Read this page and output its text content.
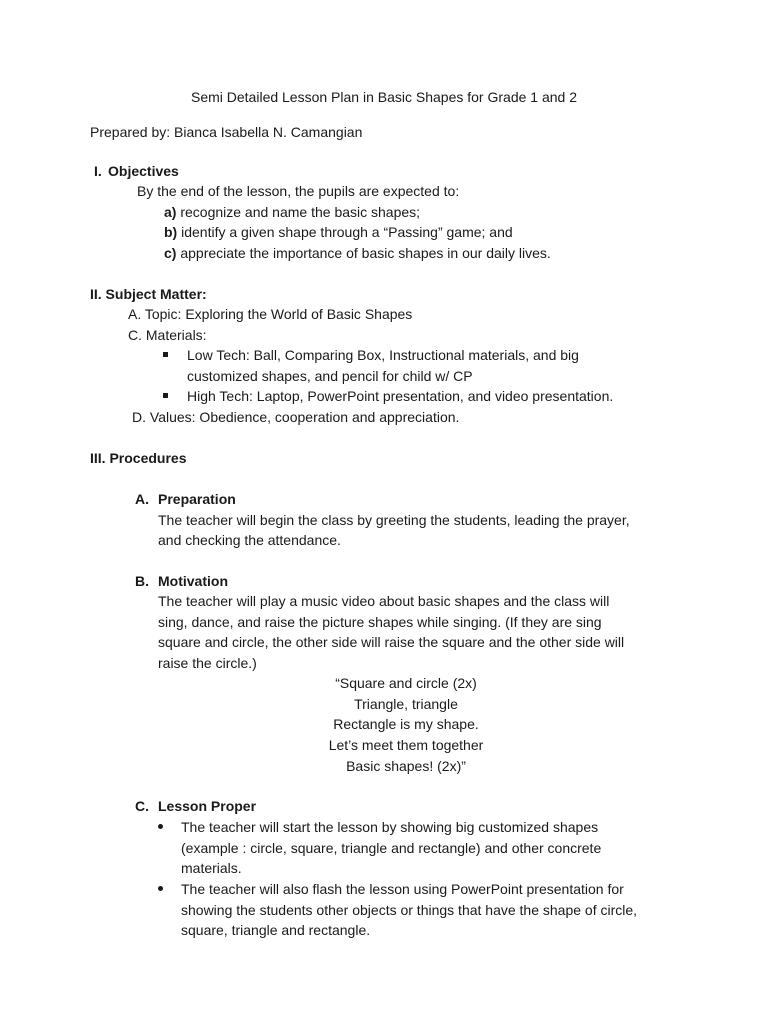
Semi Detailed Lesson Plan in Basic Shapes for Grade 1 and 2
Prepared by: Bianca Isabella N. Camangian
I. Objectives
By the end of the lesson, the pupils are expected to:
a) recognize and name the basic shapes;
b) identify a given shape through a “Passing” game; and
c) appreciate the importance of basic shapes in our daily lives.
II. Subject Matter:
A. Topic: Exploring the World of Basic Shapes
C. Materials:
Low Tech: Ball, Comparing Box, Instructional materials, and big
customized shapes, and pencil for child w/ CP
High Tech: Laptop, PowerPoint presentation, and video presentation.
D. Values: Obedience, cooperation and appreciation.
III. Procedures
A. Preparation
The teacher will begin the class by greeting the students, leading the prayer,
and checking the attendance.
B. Motivation
The teacher will play a music video about basic shapes and the class will
sing, dance, and raise the picture shapes while singing. (If they are sing
square and circle, the other side will raise the square and the other side will
raise the circle.)
“Square and circle (2x)
Triangle, triangle
Rectangle is my shape.
Let’s meet them together
Basic shapes! (2x)”
C. Lesson Proper
The teacher will start the lesson by showing big customized shapes
(example : circle, square, triangle and rectangle) and other concrete
materials.
The teacher will also flash the lesson using PowerPoint presentation for
showing the students other objects or things that have the shape of circle,
square, triangle and rectangle.
